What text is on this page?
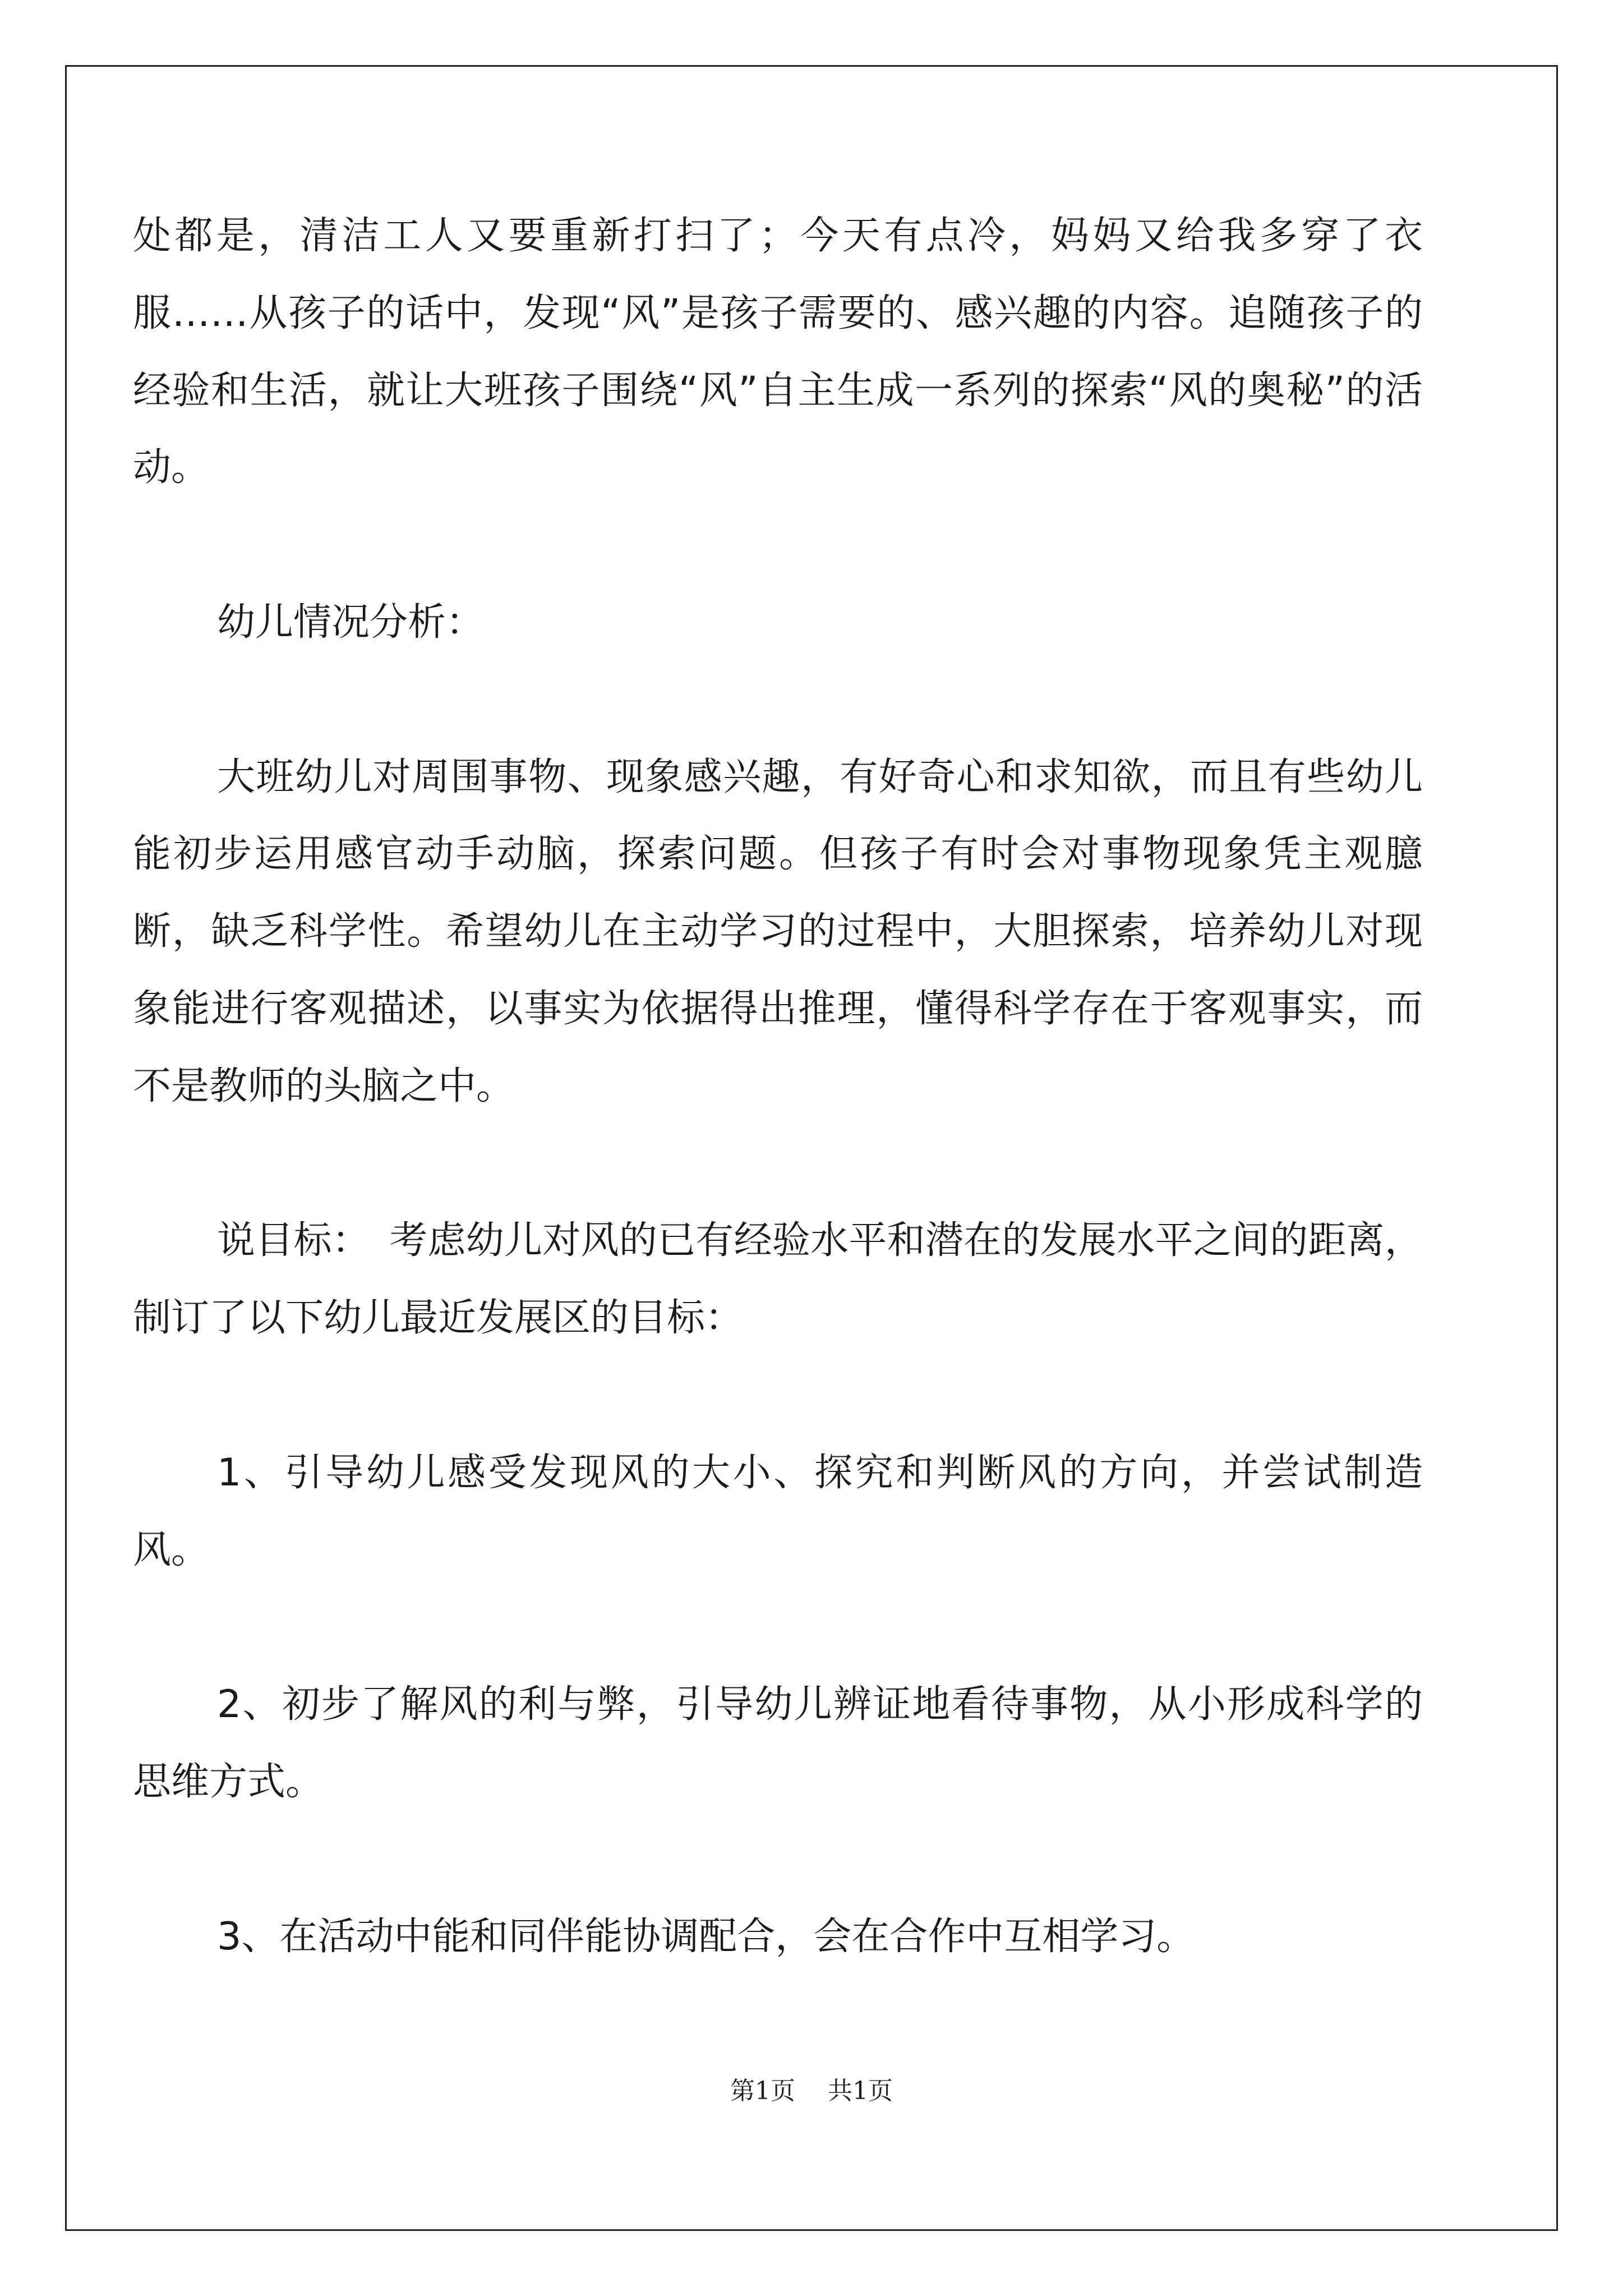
处都是，清洁工人又要重新打扫了；今天有点冷，妈妈又给我多穿了衣服……从孩子的话中，发现“风”是孩子需要的、感兴趣的内容。追随孩子的经验和生活，就让大班孩子围绕“风”自主生成一系列的探索“风的奥秘”的活动。

幼儿情况分析：

大班幼儿对周围事物、现象感兴趣，有好奇心和求知欲，而且有些幼儿能初步运用感官动手动脑，探索问题。但孩子有时会对事物现象凭主观臆断，缺乏科学性。希望幼儿在主动学习的过程中，大胆探索，培养幼儿对现象能进行客观描述，以事实为依据得出推理，懂得科学存在于客观事实，而不是教师的头脑之中。

说目标：　考虑幼儿对风的已有经验水平和潜在的发展水平之间的距离，制订了以下幼儿最近发展区的目标：

1、引导幼儿感受发现风的大小、探究和判断风的方向，并尝试制造风。

2、初步了解风的利与弊，引导幼儿辨证地看待事物，从小形成科学的思维方式。

3、在活动中能和同伴能协调配合，会在合作中互相学习。

第1页 共1页
